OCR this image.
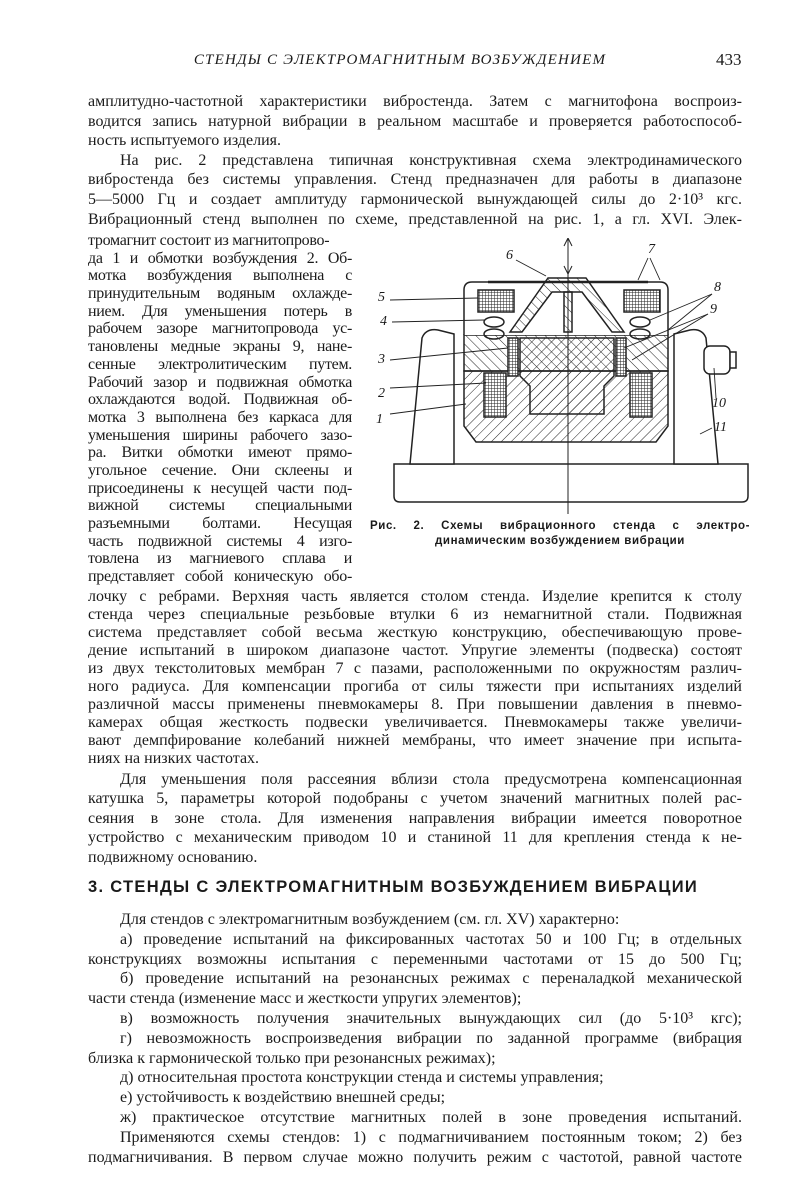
СТЕНДЫ С ЭЛЕКТРОМАГНИТНЫМ ВОЗБУЖДЕНИЕМ	433
амплитудно-частотной характеристики вибростенда. Затем с магнитофона воспроиз-
водится запись натурной вибрации в реальном масштабе и проверяется работоспособ-
ность испытуемого изделия.
На рис. 2 представлена типичная конструктивная схема электродинамического
вибростенда без системы управления. Стенд предназначен для работы в диапазоне
5—5000 Гц и создает амплитуду гармонической вынуждающей силы до 2·10³ кгс.
Вибрационный стенд выполнен по схеме, представленной на рис. 1, а гл. XVI. Элек-
тромагнит состоит из магнитопрово-
да 1 и обмотки возбуждения 2. Об-
мотка возбуждения выполнена с
принудительным водяным охлажде-
нием. Для уменьшения потерь в
рабочем зазоре магнитопровода ус-
тановлены медные экраны 9, нане-
сенные электролитическим путем.
Рабочий зазор и подвижная обмотка
охлаждаются водой. Подвижная об-
мотка 3 выполнена без каркаса для
уменьшения ширины рабочего зазо-
ра. Витки обмотки имеют прямо-
угольное сечение. Они склеены и
присоединены к несущей части под-
вижной системы специальными
разъемными болтами. Несущая
часть подвижной системы 4 изго-
товлена из магниевого сплава и
представляет собой коническую обо-
лочку с ребрами. Верхняя часть является столом стенда. Изделие крепится к столу
стенда через специальные резьбовые втулки 6 из немагнитной стали. Подвижная
система представляет собой весьма жесткую конструкцию, обеспечивающую прове-
дение испытаний в широком диапазоне частот. Упругие элементы (подвеска) состоят
из двух текстолитовых мембран 7 с пазами, расположенными по окружностям различ-
ного радиуса. Для компенсации прогиба от силы тяжести при испытаниях изделий
различной массы применены пневмокамеры 8. При повышении давления в пневмо-
камерах общая жесткость подвески увеличивается. Пневмокамеры также увеличи-
вают демпфирование колебаний нижней мембраны, что имеет значение при испыта-
ниях на низких частотах.
Для уменьшения поля рассеяния вблизи стола предусмотрена компенсационная
катушка 5, параметры которой подобраны с учетом значений магнитных полей рас-
сеяния в зоне стола. Для изменения направления вибрации имеется поворотное
устройство с механическим приводом 10 и станиной 11 для крепления стенда к не-
подвижному основанию.
3. СТЕНДЫ С ЭЛЕКТРОМАГНИТНЫМ ВОЗБУЖДЕНИЕМ ВИБРАЦИИ
Для стендов с электромагнитным возбуждением (см. гл. XV) характерно:
а) проведение испытаний на фиксированных частотах 50 и 100 Гц; в отдельных
конструкциях возможны испытания с переменными частотами от 15 до 500 Гц;
б) проведение испытаний на резонансных режимах с переналадкой механической
части стенда (изменение масс и жесткости упругих элементов);
в) возможность получения значительных вынуждающих сил (до 5·10³ кгс);
г) невозможность воспроизведения вибрации по заданной программе (вибрация
близка к гармонической только при резонансных режимах);
д) относительная простота конструкции стенда и системы управления;
е) устойчивость к воздействию внешней среды;
ж) практическое отсутствие магнитных полей в зоне проведения испытаний.
Применяются схемы стендов: 1) с подмагничиванием постоянным током; 2) без
подмагничивания. В первом случае можно получить режим с частотой, равной частоте
1
2
3
4
5
6	7
8
9
10
11
Рис. 2. Схемы вибрационного стенда с электро-
динамическим возбуждением вибрации
